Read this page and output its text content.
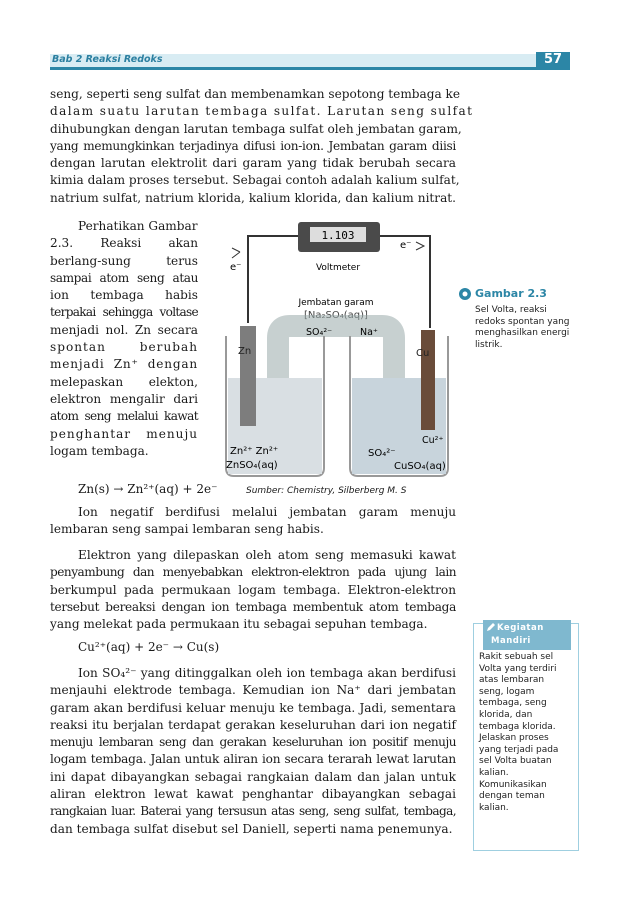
Bab 2 Reaksi Redoks	57
seng, seperti seng sulfat dan membenamkan sepotong tembaga ke
dalam suatu larutan tembaga sulfat. Larutan seng sulfat
dihubungkan dengan larutan tembaga sulfat oleh jembatan garam,
yang memungkinkan terjadinya difusi ion-ion. Jembatan garam diisi
dengan larutan elektrolit dari garam yang tidak berubah secara
kimia dalam proses tersebut. Sebagai contoh adalah kalium sulfat,
natrium sulfat, natrium klorida, kalium klorida, dan kalium nitrat.
Perhatikan Gambar
2.3. Reaksi akan
berlang-sung terus
sampai atom seng atau
ion tembaga habis
terpakai sehingga voltase
menjadi nol. Zn secara
spontan berubah
menjadi Zn⁺ dengan
melepaskan elekton,
elektron mengalir dari
atom seng melalui kawat
penghantar menuju
logam tembaga.
Zn(s) → Zn²⁺(aq) + 2e⁻
1.103
Voltmeter
e⁻
e⁻
Jembatan garam
[Na₂SO₄(aq)]
SO₄²⁻	Na⁺
Zn	Cu
Zn²⁺ Zn²⁺
ZnSO₄(aq)
Cu²⁺
SO₄²⁻
CuSO₄(aq)
Sumber: Chemistry, Silberberg M. S
Gambar 2.3
Sel Volta, reaksi redoks spontan yang menghasilkan energi listrik.
Ion negatif berdifusi melalui jembatan garam menuju
lembaran seng sampai lembaran seng habis.
Elektron yang dilepaskan oleh atom seng memasuki kawat
penyambung dan menyebabkan elektron-elektron pada ujung lain
berkumpul pada permukaan logam tembaga. Elektron-elektron
tersebut bereaksi dengan ion tembaga membentuk atom tembaga
yang melekat pada permukaan itu sebagai sepuhan tembaga.
Cu²⁺(aq) + 2e⁻ → Cu(s)
Ion SO₄²⁻ yang ditinggalkan oleh ion tembaga akan berdifusi
menjauhi elektrode tembaga. Kemudian ion Na⁺ dari jembatan
garam akan berdifusi keluar menuju ke tembaga. Jadi, sementara
reaksi itu berjalan terdapat gerakan keseluruhan dari ion negatif
menuju lembaran seng dan gerakan keseluruhan ion positif menuju
logam tembaga. Jalan untuk aliran ion secara terarah lewat larutan
ini dapat dibayangkan sebagai rangkaian dalam dan jalan untuk
aliran elektron lewat kawat penghantar dibayangkan sebagai
rangkaian luar. Baterai yang tersusun atas seng, seng sulfat, tembaga,
dan tembaga sulfat disebut sel Daniell, seperti nama penemunya.
Kegiatan
Mandiri
Rakit sebuah sel
Volta yang terdiri
atas lembaran
seng, logam
tembaga, seng
klorida, dan
tembaga klorida.
Jelaskan proses
yang terjadi pada
sel Volta buatan
kalian.
Komunikasikan
dengan teman
kalian.
